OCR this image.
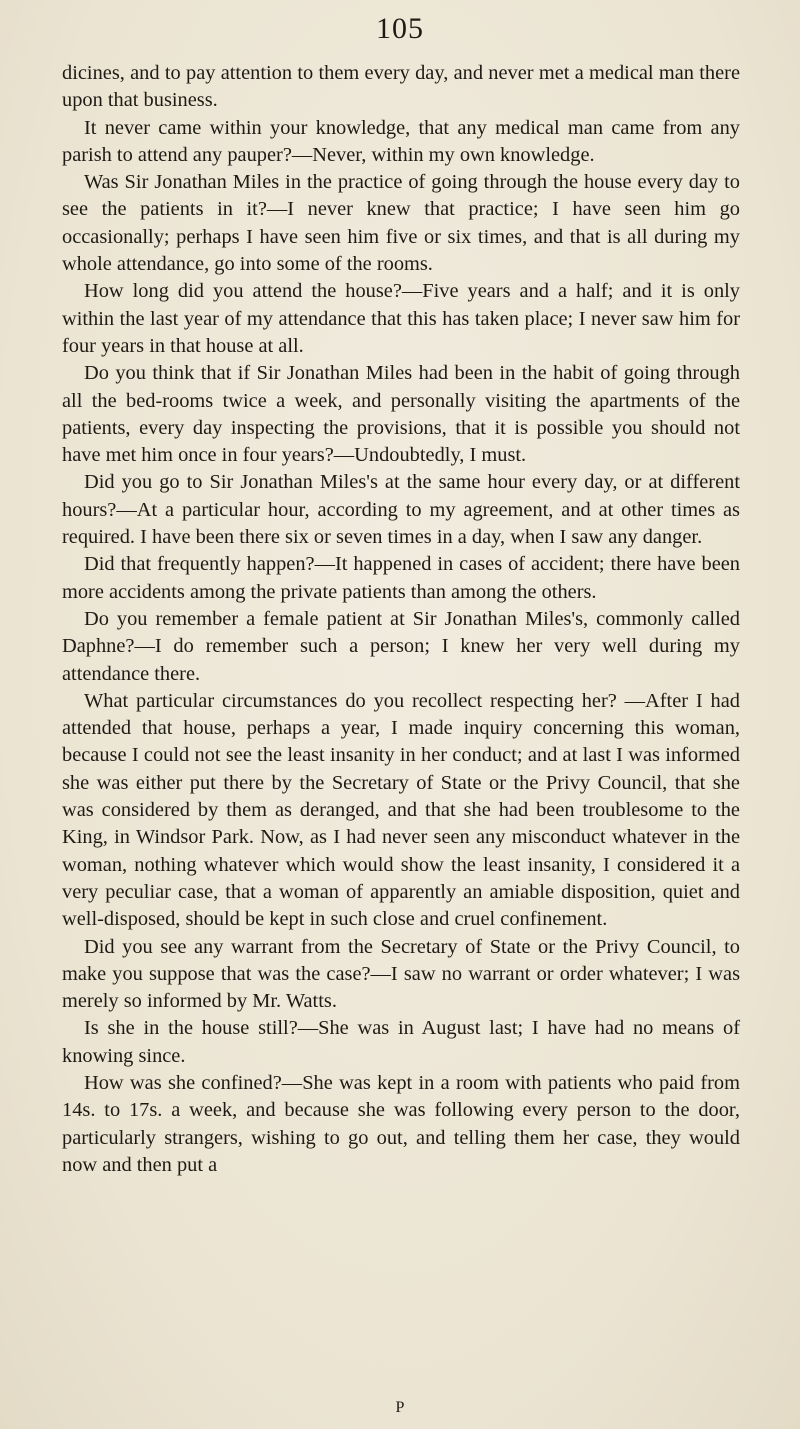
105

dicines, and to pay attention to them every day, and never met a medical man there upon that business.

It never came within your knowledge, that any medical man came from any parish to attend any pauper?—Never, within my own knowledge.

Was Sir Jonathan Miles in the practice of going through the house every day to see the patients in it?—I never knew that practice; I have seen him go occasionally; perhaps I have seen him five or six times, and that is all during my whole attendance, go into some of the rooms.

How long did you attend the house?—Five years and a half; and it is only within the last year of my attendance that this has taken place; I never saw him for four years in that house at all.

Do you think that if Sir Jonathan Miles had been in the habit of going through all the bed-rooms twice a week, and personally visiting the apartments of the patients, every day inspecting the provisions, that it is possible you should not have met him once in four years?—Undoubtedly, I must.

Did you go to Sir Jonathan Miles's at the same hour every day, or at different hours?—At a particular hour, according to my agreement, and at other times as required. I have been there six or seven times in a day, when I saw any danger.

Did that frequently happen?—It happened in cases of accident; there have been more accidents among the private patients than among the others.

Do you remember a female patient at Sir Jonathan Miles's, commonly called Daphne?—I do remember such a person; I knew her very well during my attendance there.

What particular circumstances do you recollect respecting her? —After I had attended that house, perhaps a year, I made inquiry concerning this woman, because I could not see the least insanity in her conduct; and at last I was informed she was either put there by the Secretary of State or the Privy Council, that she was considered by them as deranged, and that she had been troublesome to the King, in Windsor Park. Now, as I had never seen any misconduct whatever in the woman, nothing whatever which would show the least insanity, I considered it a very peculiar case, that a woman of apparently an amiable disposition, quiet and well-disposed, should be kept in such close and cruel confinement.

Did you see any warrant from the Secretary of State or the Privy Council, to make you suppose that was the case?—I saw no warrant or order whatever; I was merely so informed by Mr. Watts.

Is she in the house still?—She was in August last; I have had no means of knowing since.

How was she confined?—She was kept in a room with patients who paid from 14s. to 17s. a week, and because she was following every person to the door, particularly strangers, wishing to go out, and telling them her case, they would now and then put a

P
